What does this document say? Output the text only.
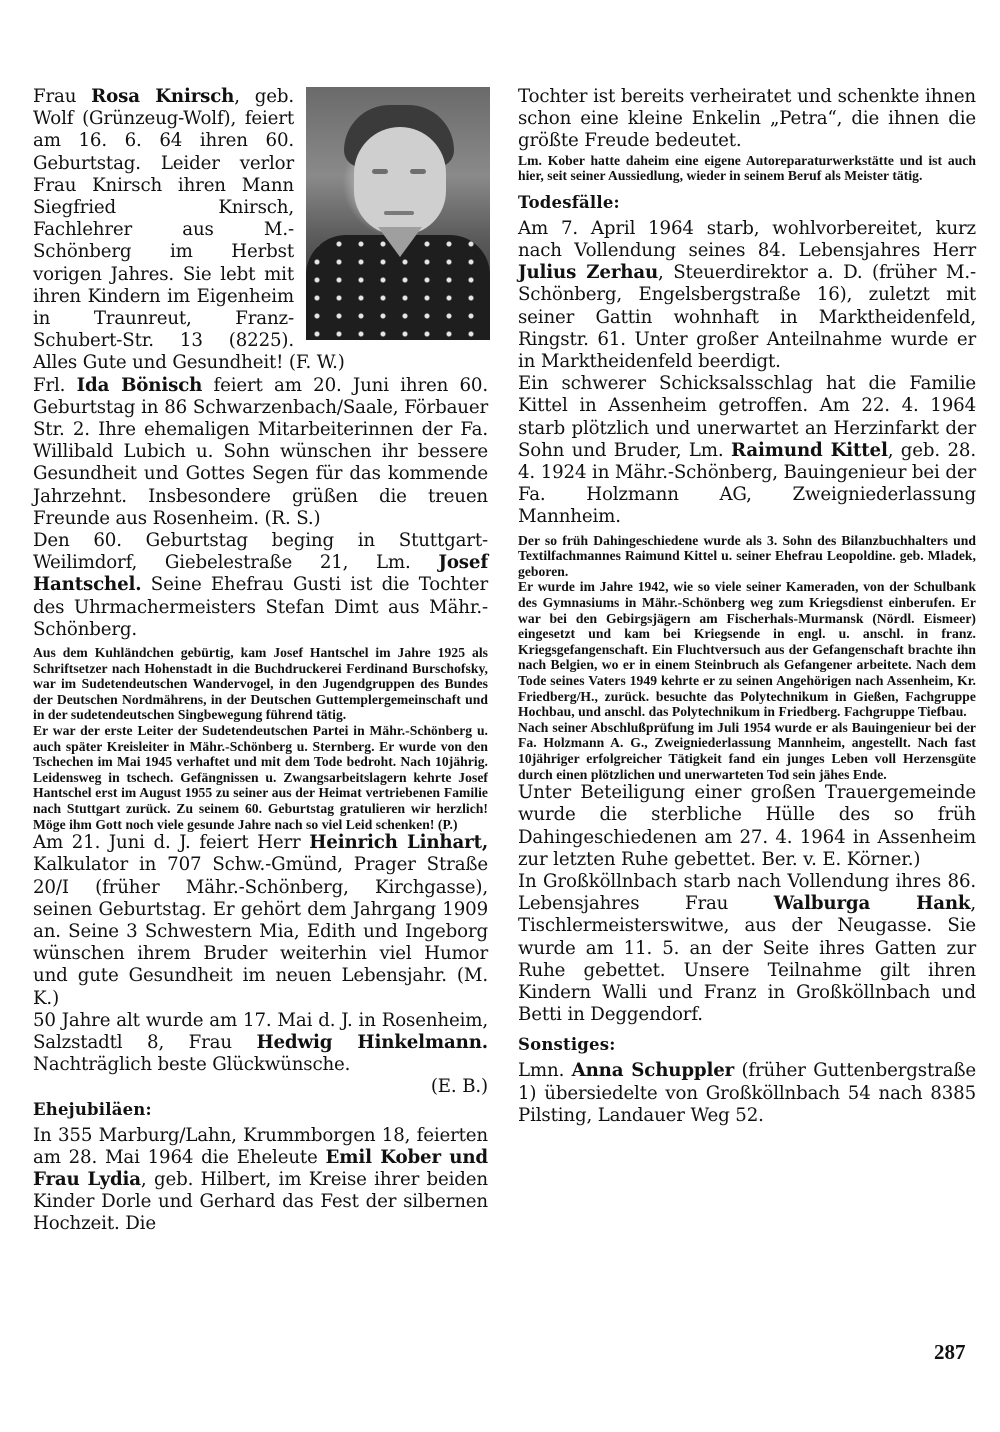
Frau Rosa Knirsch, geb. Wolf (Grünzeug-Wolf), feiert am 16. 6. 64 ihren 60. Geburtstag. Leider verlor Frau Knirsch ihren Mann Siegfried Knirsch, Fachlehrer aus M.-Schönberg im Herbst vorigen Jahres. Sie lebt mit ihren Kindern im Eigenheim in Traunreut, Franz-Schubert-Str. 13 (8225). Alles Gute und Gesundheit! (F. W.)

Frl. Ida Bönisch feiert am 20. Juni ihren 60. Geburtstag in 86 Schwarzenbach/Saale, Förbauer Str. 2. Ihre ehemaligen Mitarbeiterinnen der Fa. Willibald Lubich u. Sohn wünschen ihr bessere Gesundheit und Gottes Segen für das kommende Jahrzehnt. Insbesondere grüßen die treuen Freunde aus Rosenheim. (R. S.)

Den 60. Geburtstag beging in Stuttgart-Weilimdorf, Giebelestraße 21, Lm. Josef Hantschel. Seine Ehefrau Gusti ist die Tochter des Uhrmachermeisters Stefan Dimt aus Mähr.-Schönberg.

Aus dem Kuhländchen gebürtig, kam Josef Hantschel im Jahre 1925 als Schriftsetzer nach Hohenstadt in die Buchdruckerei Ferdinand Burschofsky, war im Sudetendeutschen Wandervogel, in den Jugendgruppen des Bundes der Deutschen Nordmährens, in der Deutschen Guttemplergemeinschaft und in der sudetendeutschen Singbewegung führend tätig.

Er war der erste Leiter der Sudetendeutschen Partei in Mähr.-Schönberg u. auch später Kreisleiter in Mähr.-Schönberg u. Sternberg. Er wurde von den Tschechen im Mai 1945 verhaftet und mit dem Tode bedroht. Nach 10jährig. Leidensweg in tschech. Gefängnissen u. Zwangsarbeitslagern kehrte Josef Hantschel erst im August 1955 zu seiner aus der Heimat vertriebenen Familie nach Stuttgart zurück. Zu seinem 60. Geburtstag gratulieren wir herzlich! Möge ihm Gott noch viele gesunde Jahre nach so viel Leid schenken! (P.)

Am 21. Juni d. J. feiert Herr Heinrich Linhart, Kalkulator in 707 Schw.-Gmünd, Prager Straße 20/I (früher Mähr.-Schönberg, Kirchgasse), seinen Geburtstag. Er gehört dem Jahrgang 1909 an. Seine 3 Schwestern Mia, Edith und Ingeborg wünschen ihrem Bruder weiterhin viel Humor und gute Gesundheit im neuen Lebensjahr. (M. K.)

50 Jahre alt wurde am 17. Mai d. J. in Rosenheim, Salzstadtl 8, Frau Hedwig Hinkelmann. Nachträglich beste Glückwünsche.

(E. B.)

Ehejubiläen:

In 355 Marburg/Lahn, Krummborgen 18, feierten am 28. Mai 1964 die Eheleute Emil Kober und Frau Lydia, geb. Hilbert, im Kreise ihrer beiden Kinder Dorle und Gerhard das Fest der silbernen Hochzeit. Die

Tochter ist bereits verheiratet und schenkte ihnen schon eine kleine Enkelin „Petra“, die ihnen die größte Freude bedeutet.

Lm. Kober hatte daheim eine eigene Autoreparaturwerkstätte und ist auch hier, seit seiner Aussiedlung, wieder in seinem Beruf als Meister tätig.

Todesfälle:

Am 7. April 1964 starb, wohlvorbereitet, kurz nach Vollendung seines 84. Lebensjahres Herr Julius Zerhau, Steuerdirektor a. D. (früher M.-Schönberg, Engelsbergstraße 16), zuletzt mit seiner Gattin wohnhaft in Marktheidenfeld, Ringstr. 61. Unter großer Anteilnahme wurde er in Marktheidenfeld beerdigt.

Ein schwerer Schicksalsschlag hat die Familie Kittel in Assenheim getroffen. Am 22. 4. 1964 starb plötzlich und unerwartet an Herzinfarkt der Sohn und Bruder, Lm. Raimund Kittel, geb. 28. 4. 1924 in Mähr.-Schönberg, Bauingenieur bei der Fa. Holzmann AG, Zweigniederlassung Mannheim.

Der so früh Dahingeschiedene wurde als 3. Sohn des Bilanzbuchhalters und Textilfachmannes Raimund Kittel u. seiner Ehefrau Leopoldine. geb. Mladek, geboren.

Er wurde im Jahre 1942, wie so viele seiner Kameraden, von der Schulbank des Gymnasiums in Mähr.-Schönberg weg zum Kriegsdienst einberufen. Er war bei den Gebirgsjägern am Fischerhals-Murmansk (Nördl. Eismeer) eingesetzt und kam bei Kriegsende in engl. u. anschl. in franz. Kriegsgefangenschaft. Ein Fluchtversuch aus der Gefangenschaft brachte ihn nach Belgien, wo er in einem Steinbruch als Gefangener arbeitete. Nach dem Tode seines Vaters 1949 kehrte er zu seinen Angehörigen nach Assenheim, Kr. Friedberg/H., zurück. besuchte das Polytechnikum in Gießen, Fachgruppe Hochbau, und anschl. das Polytechnikum in Friedberg. Fachgruppe Tiefbau.

Nach seiner Abschlußprüfung im Juli 1954 wurde er als Bauingenieur bei der Fa. Holzmann A. G., Zweigniederlassung Mannheim, angestellt. Nach fast 10jähriger erfolgreicher Tätigkeit fand ein junges Leben voll Herzensgüte durch einen plötzlichen und unerwarteten Tod sein jähes Ende.

Unter Beteiligung einer großen Trauergemeinde wurde die sterbliche Hülle des so früh Dahingeschiedenen am 27. 4. 1964 in Assenheim zur letzten Ruhe gebettet. Ber. v. E. Körner.)

In Großköllnbach starb nach Vollendung ihres 86. Lebensjahres Frau Walburga Hank, Tischlermeisterswitwe, aus der Neugasse. Sie wurde am 11. 5. an der Seite ihres Gatten zur Ruhe gebettet. Unsere Teilnahme gilt ihren Kindern Walli und Franz in Großköllnbach und Betti in Deggendorf.

Sonstiges:

Lmn. Anna Schuppler (früher Guttenbergstraße 1) übersiedelte von Großköllnbach 54 nach 8385 Pilsting, Landauer Weg 52.

287
